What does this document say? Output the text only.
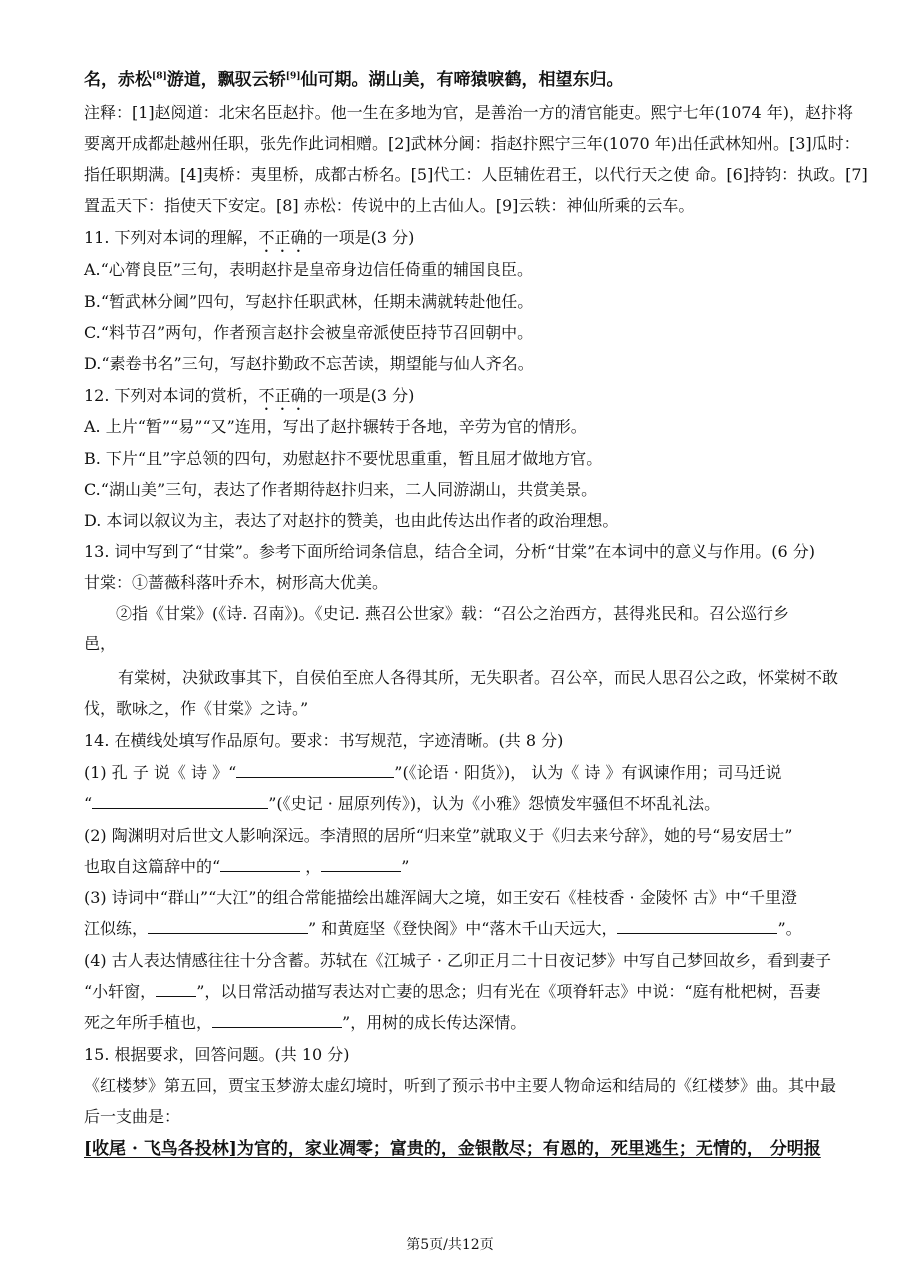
名，赤松[8]游道，飘驭云轿[9]仙可期。湖山美，有啼猿唳鹤，相望东归。
注释：[1]赵阅道：北宋名臣赵抃。他一生在多地为官，是善治一方的清官能吏。熙宁七年(1074 年)，赵抃将
要离开成都赴越州任职，张先作此词相赠。[2]武林分阃：指赵抃熙宁三年(1070 年)出任武林知州。[3]瓜时：
指任职期满。[4]夷桥：夷里桥，成都古桥名。[5]代工：人臣辅佐君王，以代行天之使 命。[6]持钧：执政。[7]
置盂天下：指使天下安定。[8] 赤松：传说中的上古仙人。[9]云轶：神仙所乘的云车。
11. 下列对本词的理解，不正确的一项是(3 分)
A.“心膂良臣”三句，表明赵抃是皇帝身边信任倚重的辅国良臣。
B.“暂武林分阃”四句，写赵抃任职武林，任期未满就转赴他任。
C.“料节召”两句，作者预言赵抃会被皇帝派使臣持节召回朝中。
D.“素卷书名”三句，写赵抃勤政不忘苦读，期望能与仙人齐名。
12. 下列对本词的赏析，不正确的一项是(3 分)
A. 上片“暂”“易”“又”连用，写出了赵抃辗转于各地，辛劳为官的情形。
B. 下片“且”字总领的四句，劝慰赵抃不要忧思重重，暂且屈才做地方官。
C.“湖山美”三句，表达了作者期待赵抃归来，二人同游湖山，共赏美景。
D. 本词以叙议为主，表达了对赵抃的赞美，也由此传达出作者的政治理想。
13. 词中写到了“甘棠”。参考下面所给词条信息，结合全词，分析“甘棠”在本词中的意义与作用。(6 分)
甘棠：①蔷薇科落叶乔木，树形高大优美。
②指《甘棠》(《诗. 召南》)。《史记. 燕召公世家》载：“召公之治西方，甚得兆民和。召公巡行乡
邑，
有棠树，决狱政事其下，自侯伯至庶人各得其所，无失职者。召公卒，而民人思召公之政，怀棠树不敢
伐，歌咏之，作《甘棠》之诗。”
14. 在横线处填写作品原句。要求：书写规范，字迹清晰。(共 8 分)
(1) 孔 子 说《 诗 》“	”(《论语 · 阳货》)， 认为《 诗 》有讽谏作用；司马迁说
“	”(《史记 · 屈原列传》)，认为《小雅》怨愤发牢骚但不坏乱礼法。
(2) 陶渊明对后世文人影响深远。李清照的居所“归来堂”就取义于《归去来兮辞》，她的号“易安居士”
也取自这篇辞中的“	，	”
(3) 诗词中“群山”“大江”的组合常能描绘出雄浑阔大之境，如王安石《桂枝香 · 金陵怀 古》中“千里澄
江似练，	” 和黄庭坚《登快阁》中“落木千山天远大，	”。
(4) 古人表达情感往往十分含蓄。苏轼在《江城子 · 乙卯正月二十日夜记梦》中写自己梦回故乡，看到妻子
“小轩窗，	”，以日常活动描写表达对亡妻的思念；归有光在《项脊轩志》中说：“庭有枇杷树，吾妻
死之年所手植也，	”，用树的成长传达深情。
15. 根据要求，回答问题。(共 10 分)
《红楼梦》第五回，贾宝玉梦游太虚幻境时，听到了预示书中主要人物命运和结局的《红楼梦》曲。其中最
后一支曲是：
[收尾 · 飞鸟各投林]为官的，家业凋零；富贵的，金银散尽；有恩的，死里逃生；无情的， 分明报
第5页/共12页
